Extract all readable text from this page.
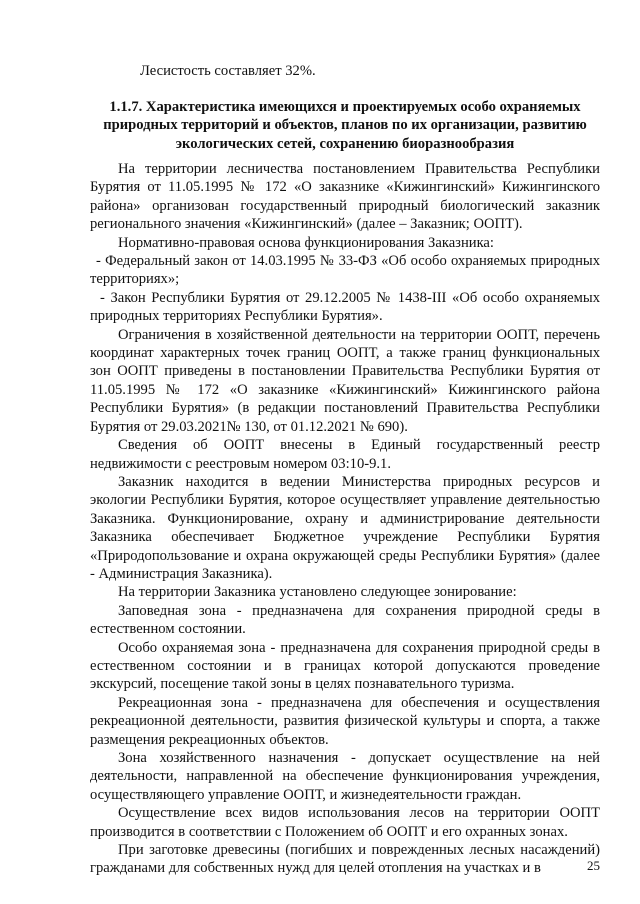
Лесистость составляет 32%.
1.1.7. Характеристика имеющихся и проектируемых особо охраняемых природных территорий и объектов, планов по их организации, развитию экологических сетей, сохранению биоразнообразия

На территории лесничества постановлением Правительства Республики Бурятия от 11.05.1995 № 172 «О заказнике «Кижингинский» Кижингинского района» организован государственный природный биологический заказник регионального значения «Кижингинский» (далее – Заказник; ООПТ).

Нормативно-правовая основа функционирования Заказника:

- Федеральный закон от 14.03.1995 № 33-ФЗ «Об особо охраняемых природных территориях»;

- Закон Республики Бурятия от 29.12.2005 № 1438-III «Об особо охраняемых природных территориях Республики Бурятия».

Ограничения в хозяйственной деятельности на территории ООПТ, перечень координат характерных точек границ ООПТ, а также границ функциональных зон ООПТ приведены в постановлении Правительства Республики Бурятия от 11.05.1995 № 172 «О заказнике «Кижингинский» Кижингинского района Республики Бурятия» (в редакции постановлений Правительства Республики Бурятия от 29.03.2021№ 130, от 01.12.2021 № 690).

Сведения об ООПТ внесены в Единый государственный реестр недвижимости с реестровым номером 03:10-9.1.

Заказник находится в ведении Министерства природных ресурсов и экологии Республики Бурятия, которое осуществляет управление деятельностью Заказника. Функционирование, охрану и администрирование деятельности Заказника обеспечивает Бюджетное учреждение Республики Бурятия «Природопользование и охрана окружающей среды Республики Бурятия» (далее - Администрация Заказника).

На территории Заказника установлено следующее зонирование:

Заповедная зона - предназначена для сохранения природной среды в естественном состоянии.

Особо охраняемая зона - предназначена для сохранения природной среды в естественном состоянии и в границах которой допускаются проведение экскурсий, посещение такой зоны в целях познавательного туризма.

Рекреационная зона - предназначена для обеспечения и осуществления рекреационной деятельности, развития физической культуры и спорта, а также размещения рекреационных объектов.

Зона хозяйственного назначения - допускает осуществление на ней деятельности, направленной на обеспечение функционирования учреждения, осуществляющего управление ООПТ, и жизнедеятельности граждан.

Осуществление всех видов использования лесов на территории ООПТ производится в соответствии с Положением об ООПТ и его охранных зонах.

При заготовке древесины (погибших и поврежденных лесных насаждений) гражданами для собственных нужд для целей отопления на участках и в	25
